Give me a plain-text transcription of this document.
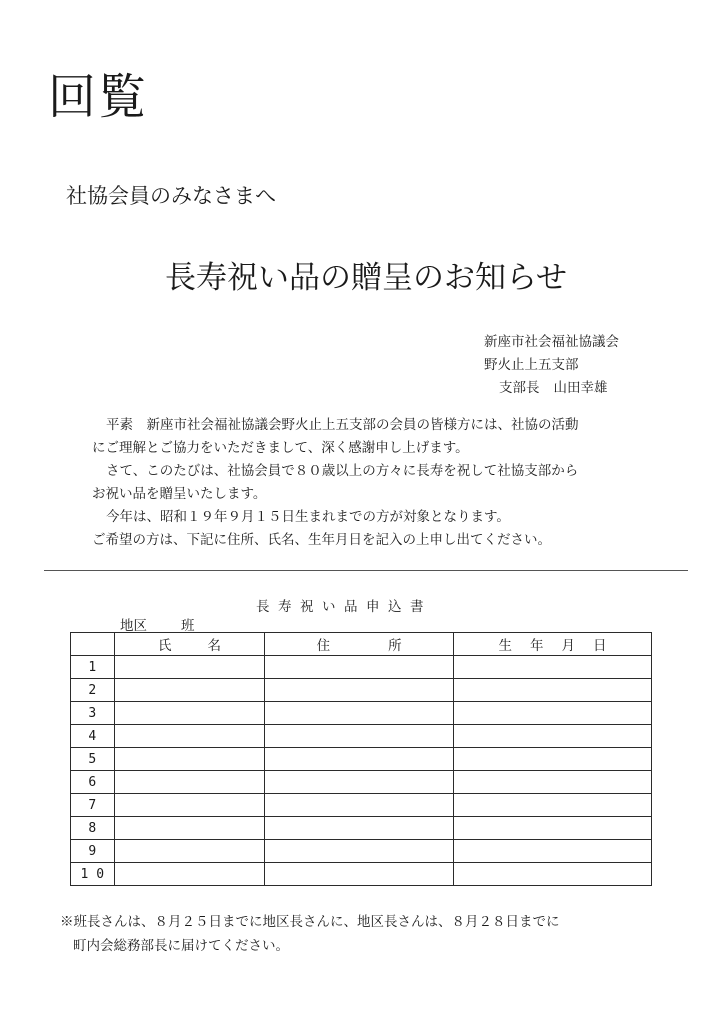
回覧
社協会員のみなさまへ
長寿祝い品の贈呈のお知らせ
新座市社会福祉協議会
野火止上五支部
支部長 山田幸雄

平素　新座市社会福祉協議会野火止上五支部の会員の皆様方には、社協の活動

にご理解とご協力をいただきまして、深く感謝申し上げます。

さて、このたびは、社協会員で８０歳以上の方々に長寿を祝して社協支部から

お祝い品を贈呈いたします。

今年は、昭和１９年９月１５日生まれまでの方が対象となります。

ご希望の方は、下記に住所、氏名、生年月日を記入の上申し出てください。

長寿祝い品申込書
地区	班
	氏 名	住 所	生 年 月 日
1			
2			
3			
4			
5			
6			
7			
8			
9			
1 0			

※班長さんは、８月２５日までに地区長さんに、地区長さんは、８月２８日までに

町内会総務部長に届けてください。
